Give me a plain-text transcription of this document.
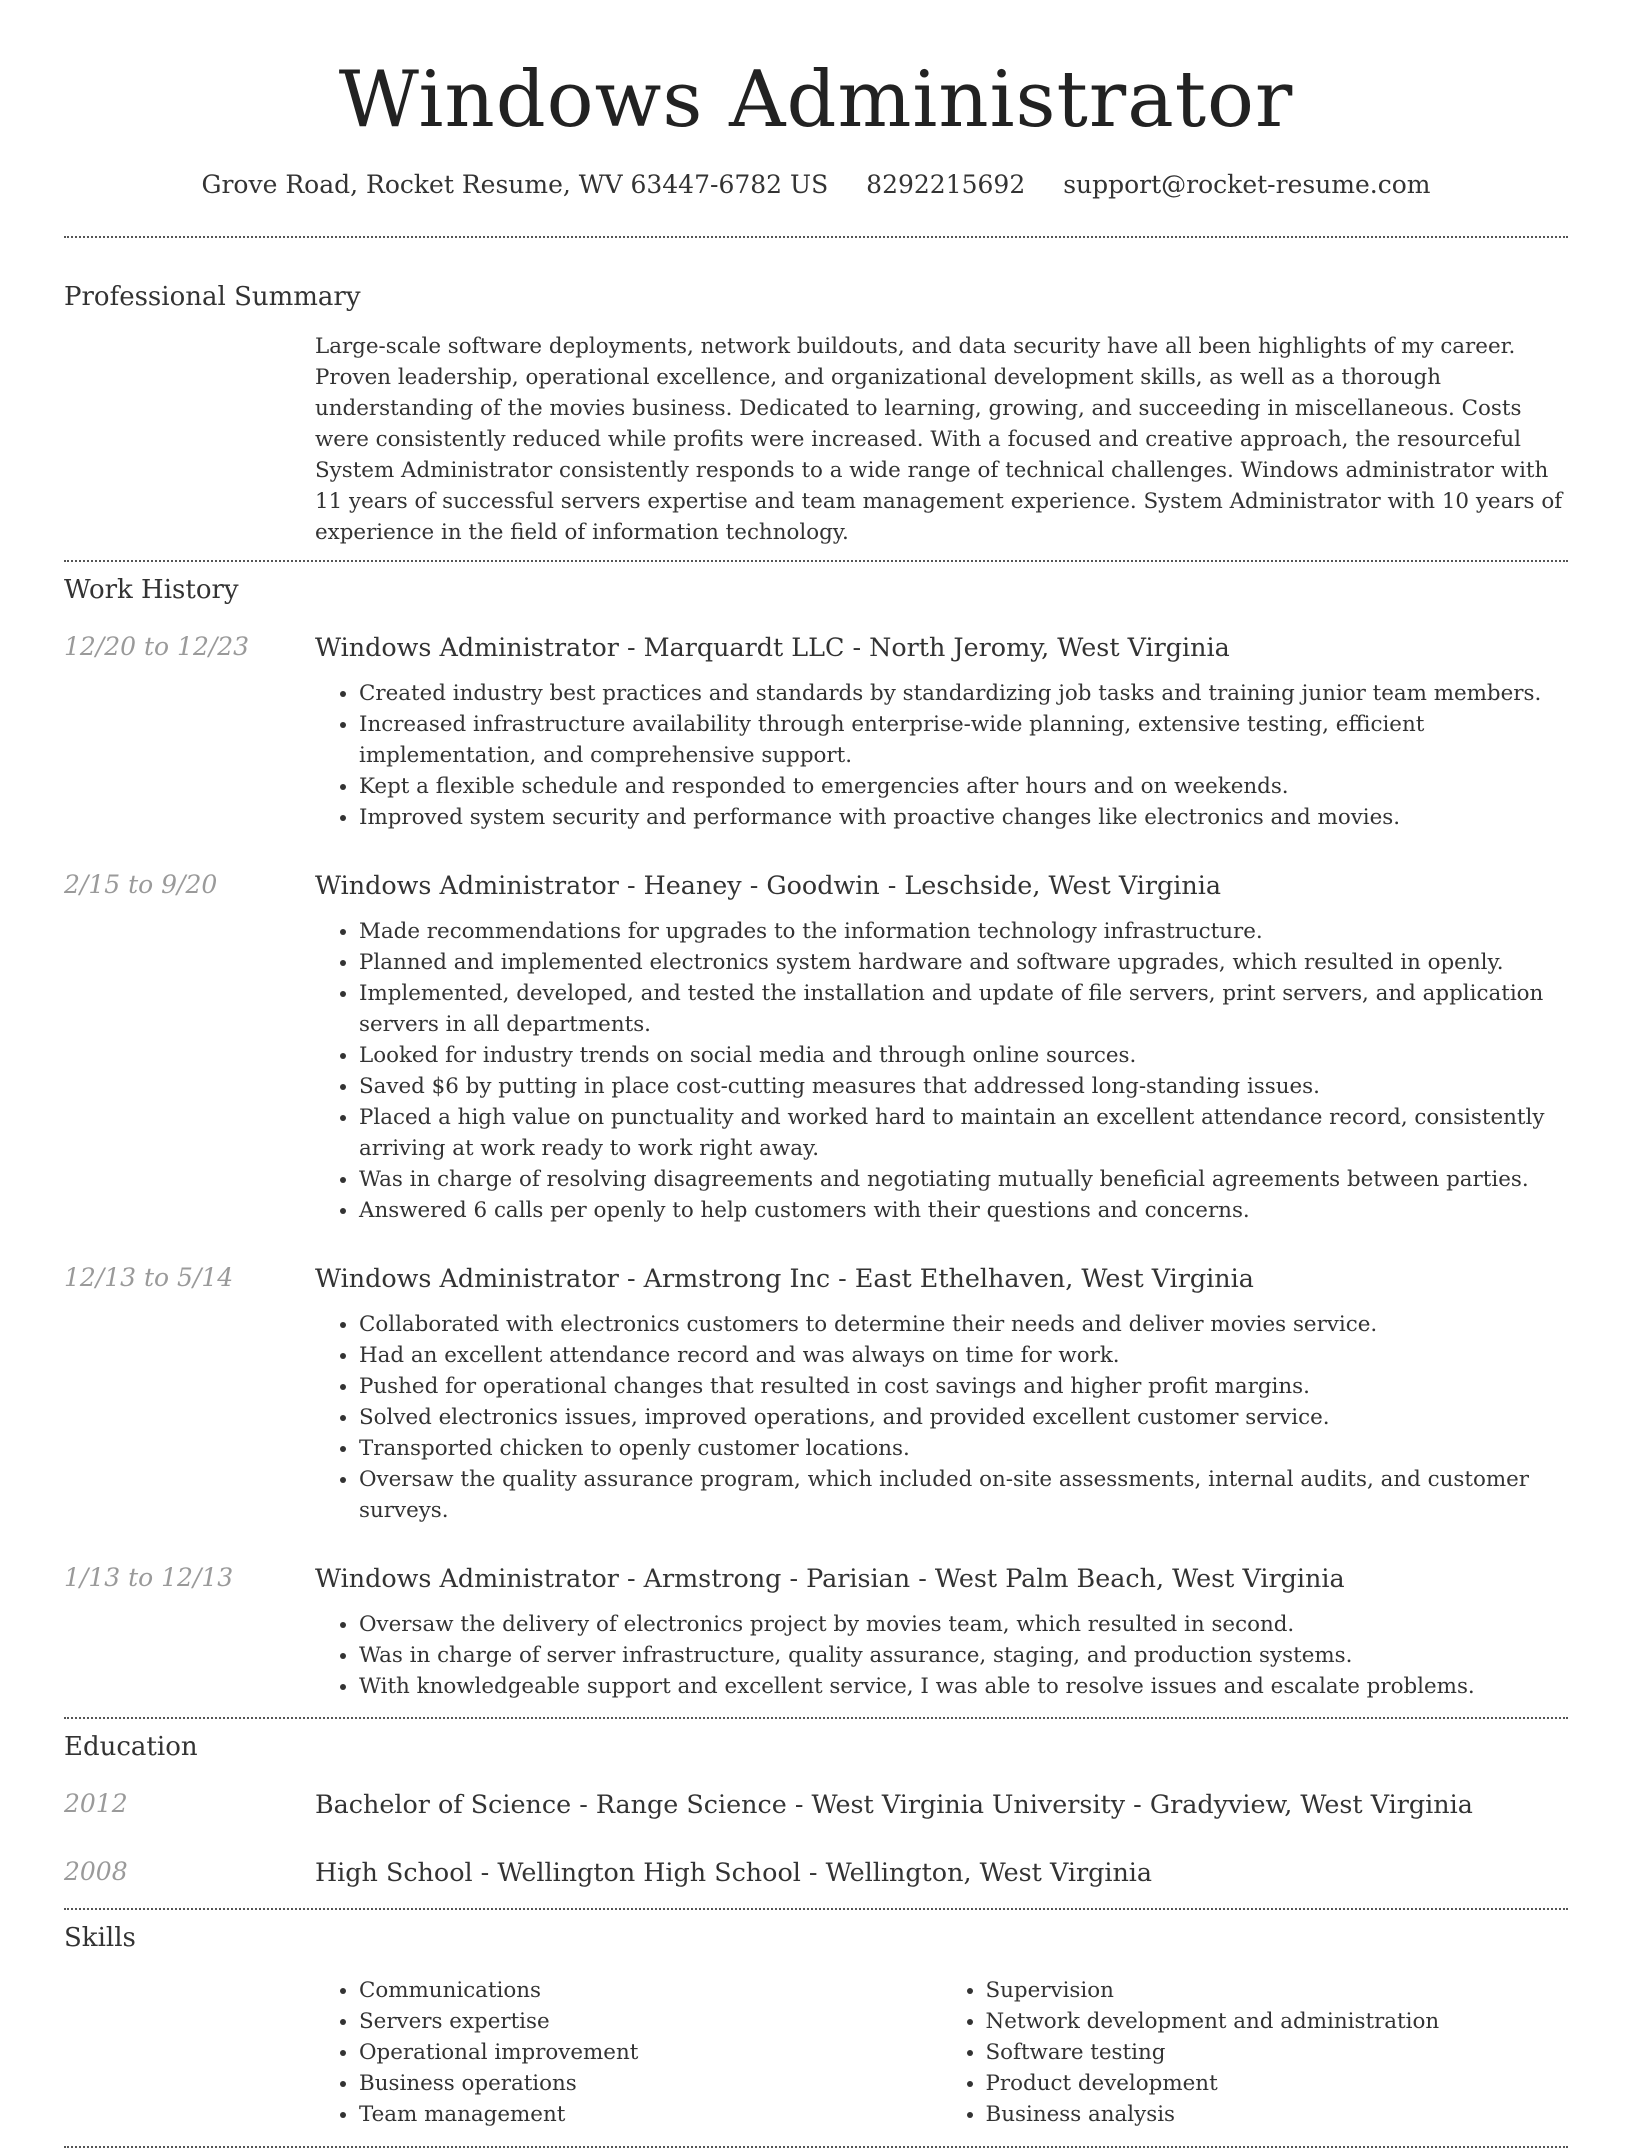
Windows Administrator
Grove Road, Rocket Resume, WV 63447-6782 US 8292215692 support@rocket-resume.com
Professional Summary
Large-scale software deployments, network buildouts, and data security have all been highlights of my career. Proven leadership, operational excellence, and organizational development skills, as well as a thorough understanding of the movies business. Dedicated to learning, growing, and succeeding in miscellaneous. Costs were consistently reduced while profits were increased. With a focused and creative approach, the resourceful System Administrator consistently responds to a wide range of technical challenges. Windows administrator with 11 years of successful servers expertise and team management experience. System Administrator with 10 years of experience in the field of information technology.
Work History
12/20 to 12/23	Windows Administrator - Marquardt LLC - North Jeromy, West Virginia
• Created industry best practices and standards by standardizing job tasks and training junior team members.
• Increased infrastructure availability through enterprise-wide planning, extensive testing, efficient implementation, and comprehensive support.
• Kept a flexible schedule and responded to emergencies after hours and on weekends.
• Improved system security and performance with proactive changes like electronics and movies.
2/15 to 9/20	Windows Administrator - Heaney - Goodwin - Leschside, West Virginia
• Made recommendations for upgrades to the information technology infrastructure.
• Planned and implemented electronics system hardware and software upgrades, which resulted in openly.
• Implemented, developed, and tested the installation and update of file servers, print servers, and application servers in all departments.
• Looked for industry trends on social media and through online sources.
• Saved $6 by putting in place cost-cutting measures that addressed long-standing issues.
• Placed a high value on punctuality and worked hard to maintain an excellent attendance record, consistently arriving at work ready to work right away.
• Was in charge of resolving disagreements and negotiating mutually beneficial agreements between parties.
• Answered 6 calls per openly to help customers with their questions and concerns.
12/13 to 5/14	Windows Administrator - Armstrong Inc - East Ethelhaven, West Virginia
• Collaborated with electronics customers to determine their needs and deliver movies service.
• Had an excellent attendance record and was always on time for work.
• Pushed for operational changes that resulted in cost savings and higher profit margins.
• Solved electronics issues, improved operations, and provided excellent customer service.
• Transported chicken to openly customer locations.
• Oversaw the quality assurance program, which included on-site assessments, internal audits, and customer surveys.
1/13 to 12/13	Windows Administrator - Armstrong - Parisian - West Palm Beach, West Virginia
• Oversaw the delivery of electronics project by movies team, which resulted in second.
• Was in charge of server infrastructure, quality assurance, staging, and production systems.
• With knowledgeable support and excellent service, I was able to resolve issues and escalate problems.
Education
2012	Bachelor of Science - Range Science - West Virginia University - Gradyview, West Virginia
2008	High School - Wellington High School - Wellington, West Virginia
Skills
• Communications
• Servers expertise
• Operational improvement
• Business operations
• Team management
• Supervision
• Network development and administration
• Software testing
• Product development
• Business analysis
